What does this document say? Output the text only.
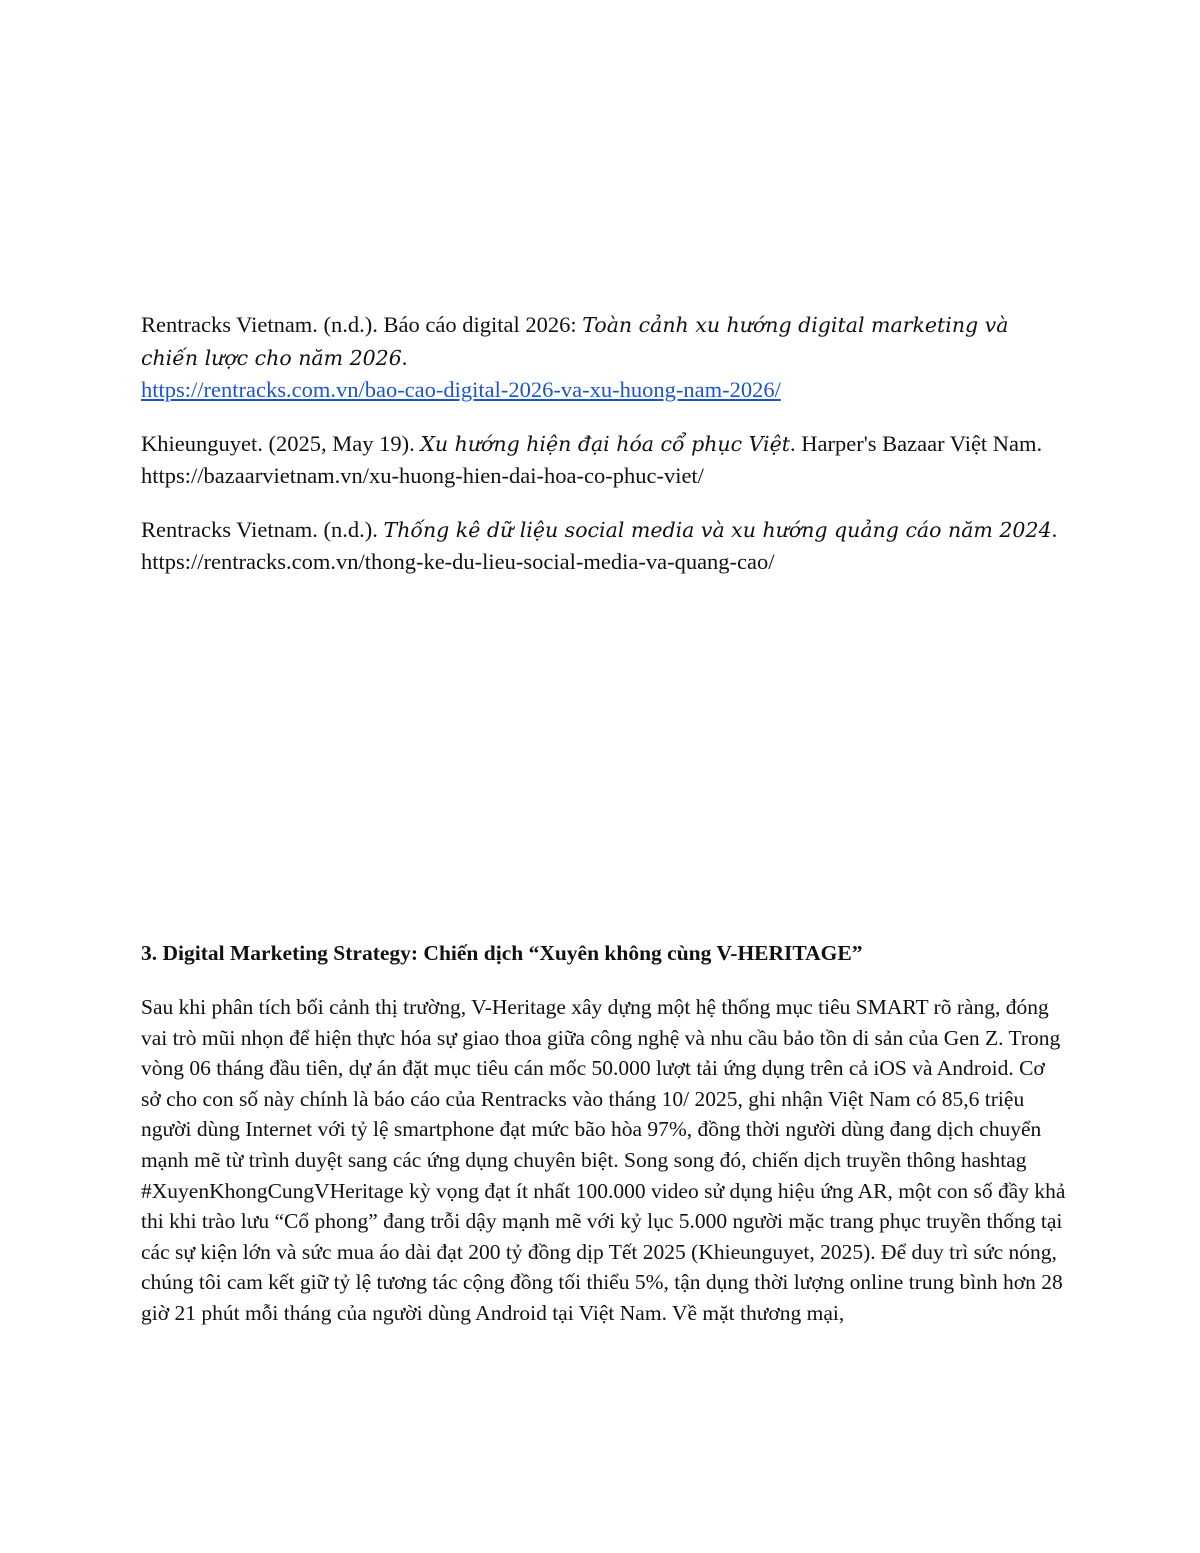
Rentracks Vietnam. (n.d.). Báo cáo digital 2026: Toàn cảnh xu hướng digital marketing và chiến lược cho năm 2026.
https://rentracks.com.vn/bao-cao-digital-2026-va-xu-huong-nam-2026/
Khieunguyet. (2025, May 19). Xu hướng hiện đại hóa cổ phục Việt. Harper's Bazaar Việt Nam. https://bazaarvietnam.vn/xu-huong-hien-dai-hoa-co-phuc-viet/
Rentracks Vietnam. (n.d.). Thống kê dữ liệu social media và xu hướng quảng cáo năm 2024. https://rentracks.com.vn/thong-ke-du-lieu-social-media-va-quang-cao/
3. Digital Marketing Strategy: Chiến dịch “Xuyên không cùng V-HERITAGE”

Sau khi phân tích bối cảnh thị trường, V-Heritage xây dựng một hệ thống mục tiêu SMART rõ ràng, đóng vai trò mũi nhọn để hiện thực hóa sự giao thoa giữa công nghệ và nhu cầu bảo tồn di sản của Gen Z. Trong vòng 06 tháng đầu tiên, dự án đặt mục tiêu cán mốc 50.000 lượt tải ứng dụng trên cả iOS và Android. Cơ sở cho con số này chính là báo cáo của Rentracks vào tháng 10/ 2025, ghi nhận Việt Nam có 85,6 triệu người dùng Internet với tỷ lệ smartphone đạt mức bão hòa 97%, đồng thời người dùng đang dịch chuyển mạnh mẽ từ trình duyệt sang các ứng dụng chuyên biệt. Song song đó, chiến dịch truyền thông hashtag #XuyenKhongCungVHeritage kỳ vọng đạt ít nhất 100.000 video sử dụng hiệu ứng AR, một con số đầy khả thi khi trào lưu “Cổ phong” đang trỗi dậy mạnh mẽ với kỷ lục 5.000 người mặc trang phục truyền thống tại các sự kiện lớn và sức mua áo dài đạt 200 tỷ đồng dịp Tết 2025 (Khieunguyet, 2025). Để duy trì sức nóng, chúng tôi cam kết giữ tỷ lệ tương tác cộng đồng tối thiểu 5%, tận dụng thời lượng online trung bình hơn 28 giờ 21 phút mỗi tháng của người dùng Android tại Việt Nam. Về mặt thương mại,
